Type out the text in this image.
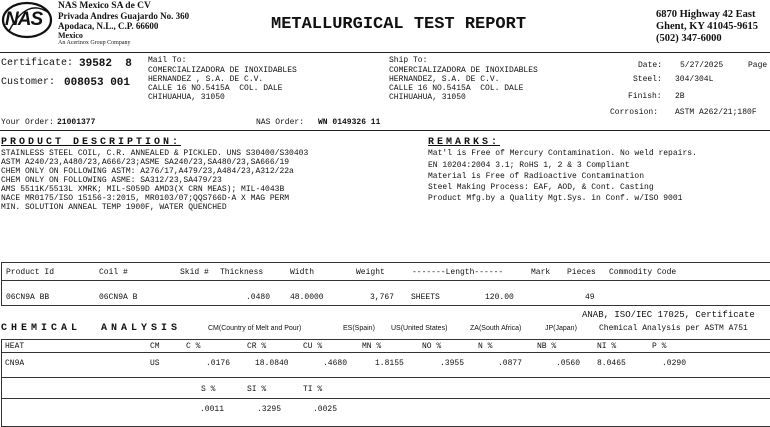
NAS
NAS Mexico SA de CV
Privada Andres Guajardo No. 360
Apodaca, N.L., C.P. 66600
Mexico
An Acerinox Group Company
METALLURGICAL TEST REPORT
6870 Highway 42 East
Ghent, KY 41045-9615
(502) 347-6000
Certificate: 39582  8
Customer: 008053 001
Mail To:
COMERCIALIZADORA DE INOXIDABLES
HERNANDEZ , S.A. DE C.V.
CALLE 16 NO.5415A  COL. DALE
CHIHUAHUA, 31050
Ship To:
COMERCIALIZADORA DE INOXIDABLES
HERNANDEZ, S.A. DE C.V.
CALLE 16 NO.5415A  COL. DALE
CHIHUAHUA, 31050
Date: 5/27/2025	Page
Steel: 304/304L
Finish: 2B
Corrosion: ASTM A262/21;180F
Your Order: 21001377	NAS Order: WN 0149326 11
PRODUCT DESCRIPTION:
STAINLESS STEEL COIL, C.R. ANNEALED & PICKLED. UNS S30400/S30403
ASTM A240/23,A480/23,A666/23;ASME SA240/23,SA480/23,SA666/19
CHEM ONLY ON FOLLOWING ASTM: A276/17,A479/23,A484/23,A312/22a
CHEM ONLY ON FOLLOWING ASME: SA312/23,SA479/23
AMS 5511K/5513L XMRK; MIL-S059D AMD3(X CRN MEAS); MIL-4043B
NACE MR0175/ISO 15156-3:2015, MR0103/07;QQS766D-A X MAG PERM
MIN. SOLUTION ANNEAL TEMP 1900F, WATER QUENCHED
REMARKS:
Mat'l is Free of Mercury Contamination. No weld repairs.
EN 10204:2004 3.1; RoHS 1, 2 & 3 Compliant
Material is Free of Radioactive Contamination
Steel Making Process: EAF, AOD, & Cont. Casting
Product Mfg.by a Quality Mgt.Sys. in Conf. w/ISO 9001
Product Id	Coil #	Skid # Thickness	Width	Weight	-------Length------	Mark Pieces Commodity Code
06CN9A BB	06CN9A B	.0480 48.0000	3,767 SHEETS	120.00	49
ANAB, ISO/IEC 17025, Certificate
CHEMICAL  ANALYSIS	CM(Country of Melt and Pour)	ES(Spain) US(United States)	ZA(South Africa)	JP(Japan)	Chemical Analysis per ASTM A751
HEAT	CM	C %	CR %	CU %	MN %	NO %	N %	NB %	NI %	P %
CN9A	US	.0176	18.0840	.4680	1.8155	.3955	.0877	.0560 8.0465	.0290
S %	SI %	TI %
.0011	.3295	.0025
